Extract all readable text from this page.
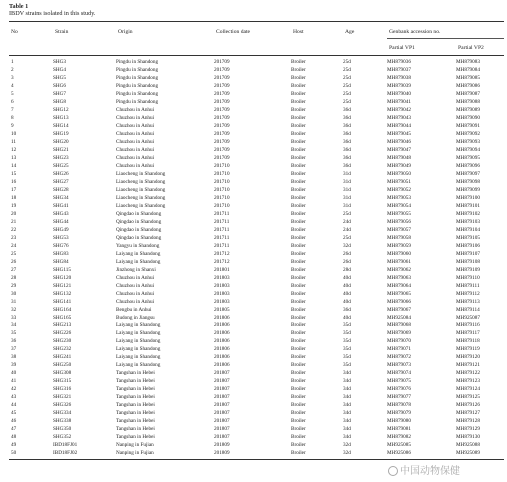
Table 1
IBDV strains isolated in this study.
No	Strain	Origin	Collection date	Host	Age	Genbank accession no.
Partial VP1	Partial VP2
1	SHG3	Pingdu in Shandong	201709	Broiler	25d	MH879036	MH879083
2	SHG4	Pingdu in Shandong	201709	Broiler	25d	MH879037	MH879084
3	SHG5	Pingdu in Shandong	201709	Broiler	25d	MH879038	MH879085
4	SHG6	Pingdu in Shandong	201709	Broiler	25d	MH879039	MH879086
5	SHG7	Pingdu in Shandong	201709	Broiler	25d	MH879040	MH879087
6	SHG8	Pingdu in Shandong	201709	Broiler	25d	MH879041	MH879088
7	SHG12	Chuzhou in Anhui	201709	Broiler	36d	MH879042	MH879089
8	SHG13	Chuzhou in Anhui	201709	Broiler	36d	MH879043	MH879090
9	SHG14	Chuzhou in Anhui	201709	Broiler	36d	MH879044	MH879091
10	SHG19	Chuzhou in Anhui	201709	Broiler	36d	MH879045	MH879092
11	SHG20	Chuzhou in Anhui	201709	Broiler	36d	MH879046	MH879093
12	SHG21	Chuzhou in Anhui	201709	Broiler	36d	MH879047	MH879094
13	SHG23	Chuzhou in Anhui	201709	Broiler	36d	MH879048	MH879095
14	SHG25	Chuzhou in Anhui	201710	Broiler	36d	MH879049	MH879096
15	SHG26	Liaocheng in Shandong	201710	Broiler	31d	MH879050	MH879097
16	SHG27	Liaocheng in Shandong	201710	Broiler	31d	MH879051	MH879098
17	SHG28	Liaocheng in Shandong	201710	Broiler	31d	MH879052	MH879099
18	SHG34	Liaocheng in Shandong	201710	Broiler	31d	MH879053	MH879100
19	SHG41	Liaocheng in Shandong	201710	Broiler	31d	MH879054	MH879101
20	SHG43	Qingdao in Shandong	201711	Broiler	25d	MH879055	MH879102
21	SHG44	Qingdao in Shandong	201711	Broiler	24d	MH879056	MH879103
22	SHG49	Qingdao in Shandong	201711	Broiler	24d	MH879057	MH879104
23	SHG53	Qingdao in Shandong	201711	Broiler	25d	MH879058	MH879105
24	SHG76	Yangyu in Shandong	201711	Broiler	32d	MH879059	MH879106
25	SHG83	Laiyang in Shandong	201712	Broiler	26d	MH879060	MH879107
26	SHG84	Laiyang in Shandong	201712	Broiler	26d	MH879061	MH879108
27	SHG115	Jinzhong in Shanxi	201801	Broiler	28d	MH879062	MH879109
28	SHG120	Chuzhou in Anhui	201803	Broiler	40d	MH879063	MH879110
29	SHG121	Chuzhou in Anhui	201803	Broiler	40d	MH879064	MH879111
30	SHG132	Chuzhou in Anhui	201803	Broiler	40d	MH879065	MH879112
31	SHG141	Chuzhou in Anhui	201803	Broiler	40d	MH879066	MH879113
32	SHG164	Bengbu in Anhui	201805	Broiler	36d	MH879067	MH879114
33	SHG165	Budong in Jiangsu	201806	Broiler	40d	MH925084	MH925087
34	SHG213	Laiyang in Shandong	201806	Broiler	35d	MH879068	MH879116
35	SHG226	Laiyang in Shandong	201806	Broiler	35d	MH879069	MH879117
36	SHG230	Laiyang in Shandong	201806	Broiler	35d	MH879070	MH879118
37	SHG232	Laiyang in Shandong	201806	Broiler	35d	MH879071	MH879119
38	SHG241	Laiyang in Shandong	201806	Broiler	35d	MH879072	MH879120
39	SHG250	Laiyang in Shandong	201806	Broiler	35d	MH879073	MH879121
40	SHG308	Tangshan in Hebei	201807	Broiler	34d	MH879074	MH879122
41	SHG315	Tangshan in Hebei	201807	Broiler	34d	MH879075	MH879123
42	SHG316	Tangshan in Hebei	201807	Broiler	34d	MH879076	MH879124
43	SHG321	Tangshan in Hebei	201807	Broiler	34d	MH879077	MH879125
44	SHG326	Tangshan in Hebei	201807	Broiler	34d	MH879078	MH879126
45	SHG334	Tangshan in Hebei	201807	Broiler	34d	MH879079	MH879127
46	SHG338	Tangshan in Hebei	201807	Broiler	34d	MH879080	MH879128
47	SHG350	Tangshan in Hebei	201807	Broiler	34d	MH879081	MH879129
48	SHG352	Tangshan in Hebei	201807	Broiler	34d	MH879082	MH879130
49	IBD18FJ01	Nanping in Fujian	201809	Broiler	32d	MH925085	MH925088
50	IBD18FJ02	Nanping in Fujian	201809	Broiler	32d	MH925086	MH925089
中国动物保健
